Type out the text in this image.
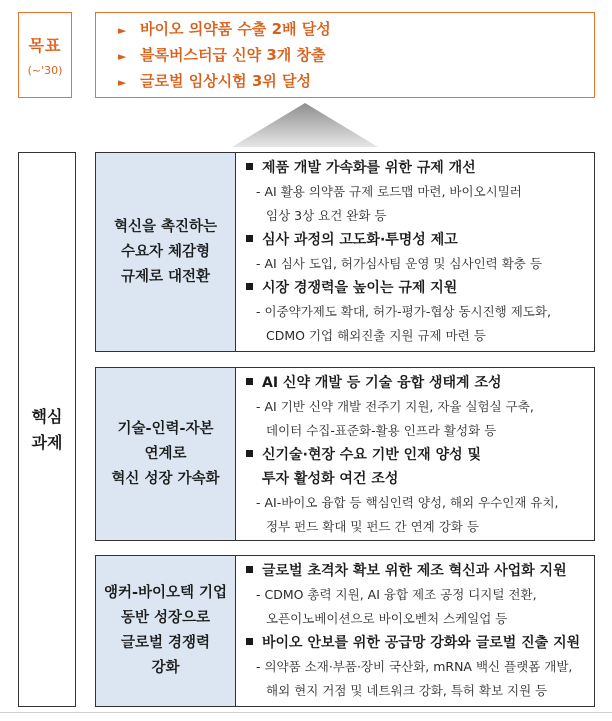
목표
(~'30)
► 바이오 의약품 수출 2배 달성
► 블록버스터급 신약 3개 창출
► 글로벌 임상시험 3위 달성
핵심
과제
혁신을 촉진하는
수요자 체감형
규제로 대전환
제품 개발 가속화를 위한 규제 개선
- AI 활용 의약품 규제 로드맵 마련, 바이오시밀러
임상 3상 요건 완화 등
심사 과정의 고도화·투명성 제고
- AI 심사 도입, 허가심사팀 운영 및 심사인력 확충 등
시장 경쟁력을 높이는 규제 지원
- 이중약가제도 확대, 허가-평가-협상 동시진행 제도화,
CDMO 기업 해외진출 지원 규제 마련 등
기술-인력-자본
연계로
혁신 성장 가속화
AI 신약 개발 등 기술 융합 생태계 조성
- AI 기반 신약 개발 전주기 지원, 자율 실험실 구축,
데이터 수집-표준화-활용 인프라 활성화 등
신기술·현장 수요 기반 인재 양성 및
투자 활성화 여건 조성
- AI-바이오 융합 등 핵심인력 양성, 해외 우수인재 유치,
정부 펀드 확대 및 펀드 간 연계 강화 등
앵커-바이오텍 기업
동반 성장으로
글로벌 경쟁력
강화
글로벌 초격차 확보 위한 제조 혁신과 사업화 지원
- CDMO 총력 지원, AI 융합 제조 공정 디지털 전환,
오픈이노베이션으로 바이오벤처 스케일업 등
바이오 안보를 위한 공급망 강화와 글로벌 진출 지원
- 의약품 소재·부품·장비 국산화, mRNA 백신 플랫폼 개발,
해외 현지 거점 및 네트워크 강화, 특허 확보 지원 등
